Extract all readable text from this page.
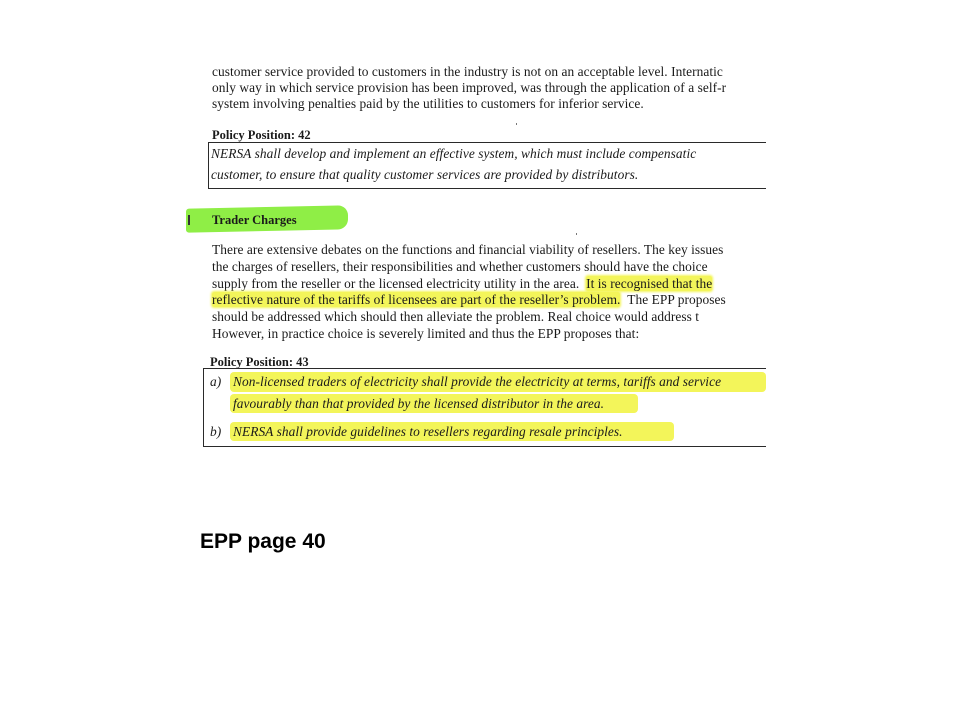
customer service provided to customers in the industry is not on an acceptable level. Internatic
only way in which service provision has been improved, was through the application of a self-r
system involving penalties paid by the utilities to customers for inferior service.
Policy Position: 42
NERSA shall develop and implement an effective system, which must include compensatic
customer, to ensure that quality customer services are provided by distributors.
Trader Charges
There are extensive debates on the functions and financial viability of resellers. The key issues
the charges of resellers, their responsibilities and whether customers should have the choice
supply from the reseller or the licensed electricity utility in the area. It is recognised that the
reflective nature of the tariffs of licensees are part of the reseller’s problem. The EPP proposes
should be addressed which should then alleviate the problem. Real choice would address t
However, in practice choice is severely limited and thus the EPP proposes that:
Policy Position: 43
a) Non-licensed traders of electricity shall provide the electricity at terms, tariffs and service
favourably than that provided by the licensed distributor in the area.
b) NERSA shall provide guidelines to resellers regarding resale principles.
EPP page 40
